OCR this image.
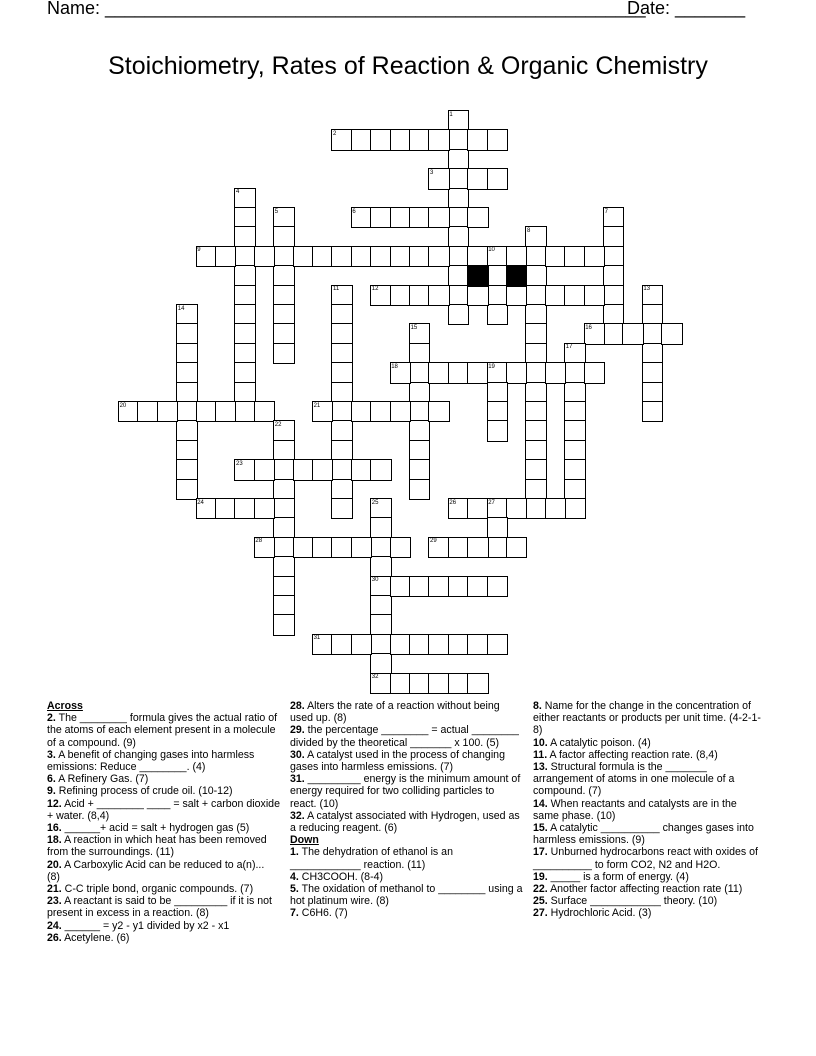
Name: ______________________________________________________
Date: _______
Stoichiometry, Rates of Reaction & Organic Chemistry
1
2
3
4
5	6	7
8
9	10
11	12	13
14
15	16
17
18	19
20	21
22
23
24	25	26	27
28	29
30
31
32
Across
2. The ________ formula gives the actual ratio of the atoms of each element present in a molecule of a compound. (9)
3. A benefit of changing gases into harmless emissions: Reduce ________. (4)
6. A Refinery Gas. (7)
9. Refining process of crude oil. (10-12)
12. Acid + ________ ____ = salt + carbon dioxide + water. (8,4)
16. ______+ acid = salt + hydrogen gas (5)
18. A reaction in which heat has been removed from the surroundings. (11)
20. A Carboxylic Acid can be reduced to a(n)... (8)
21. C-C triple bond, organic compounds. (7)
23. A reactant is said to be _________ if it is not present in excess in a reaction. (8)
24. ______ = y2 - y1 divided by x2 - x1
26. Acetylene. (6)
28. Alters the rate of a reaction without being used up. (8)
29. the percentage ________ = actual ________ divided by the theoretical _______ x 100. (5)
30. A catalyst used in the process of changing gases into harmless emissions. (7)
31. _________ energy is the minimum amount of energy required for two colliding particles to react. (10)
32. A catalyst associated with Hydrogen, used as a reducing reagent. (6)
Down
1. The dehydration of ethanol is an ____________ reaction. (11)
4. CH3COOH. (8-4)
5. The oxidation of methanol to ________ using a hot platinum wire. (8)
7. C6H6. (7)
8. Name for the change in the concentration of either reactants or products per unit time. (4-2-1-8)
10. A catalytic poison. (4)
11. A factor affecting reaction rate. (8,4)
13. Structural formula is the _______ arrangement of atoms in one molecule of a compound. (7)
14. When reactants and catalysts are in the same phase. (10)
15. A catalytic __________ changes gases into harmless emissions. (9)
17. Unburned hydrocarbons react with oxides of __________ to form CO2, N2 and H2O.
19. _____ is a form of energy. (4)
22. Another factor affecting reaction rate (11)
25. Surface ____________ theory. (10)
27. Hydrochloric Acid. (3)
